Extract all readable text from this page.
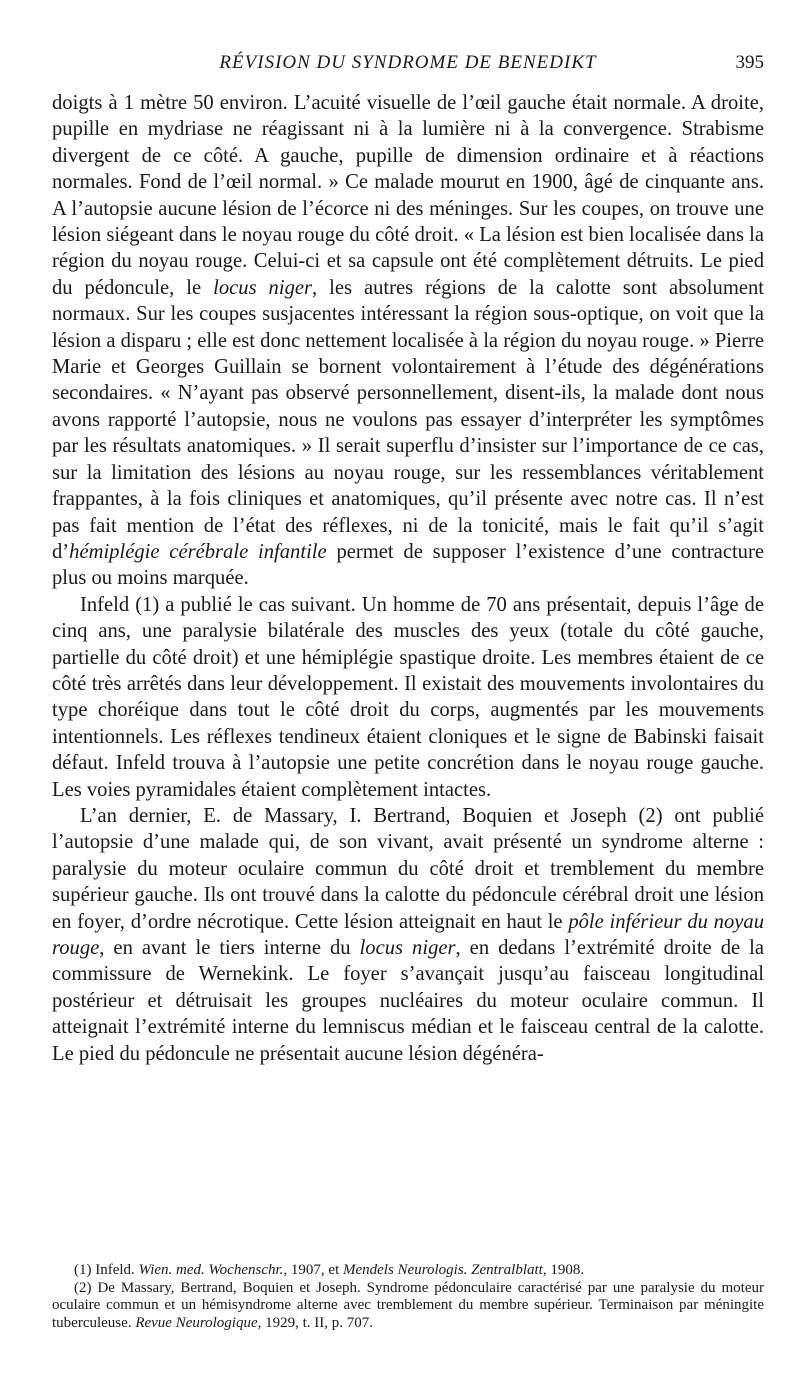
RÉVISION DU SYNDROME DE BENEDIKT	395

doigts à 1 mètre 50 environ. L’acuité visuelle de l’œil gauche était normale. A droite, pupille en mydriase ne réagissant ni à la lumière ni à la convergence. Strabisme divergent de ce côté. A gauche, pupille de dimension ordinaire et à réactions normales. Fond de l’œil normal. » Ce malade mourut en 1900, âgé de cinquante ans. A l’autopsie aucune lésion de l’écorce ni des méninges. Sur les coupes, on trouve une lésion siégeant dans le noyau rouge du côté droit. « La lésion est bien localisée dans la région du noyau rouge. Celui-ci et sa capsule ont été complètement détruits. Le pied du pédoncule, le locus niger, les autres régions de la calotte sont absolument normaux. Sur les coupes susjacentes intéressant la région sous-optique, on voit que la lésion a disparu ; elle est donc nettement localisée à la région du noyau rouge. » Pierre Marie et Georges Guillain se bornent volontairement à l’étude des dégénérations secondaires. « N’ayant pas observé personnellement, disent-ils, la malade dont nous avons rapporté l’autopsie, nous ne voulons pas essayer d’interpréter les symptômes par les résultats anatomiques. » Il serait superflu d’insister sur l’importance de ce cas, sur la limitation des lésions au noyau rouge, sur les ressemblances véritablement frappantes, à la fois cliniques et anatomiques, qu’il présente avec notre cas. Il n’est pas fait mention de l’état des réflexes, ni de la tonicité, mais le fait qu’il s’agit d’hémiplégie cérébrale infantile permet de supposer l’existence d’une contracture plus ou moins marquée.

Infeld (1) a publié le cas suivant. Un homme de 70 ans présentait, depuis l’âge de cinq ans, une paralysie bilatérale des muscles des yeux (totale du côté gauche, partielle du côté droit) et une hémiplégie spastique droite. Les membres étaient de ce côté très arrêtés dans leur développement. Il existait des mouvements involontaires du type choréique dans tout le côté droit du corps, augmentés par les mouvements intentionnels. Les réflexes tendineux étaient cloniques et le signe de Babinski faisait défaut. Infeld trouva à l’autopsie une petite concrétion dans le noyau rouge gauche. Les voies pyramidales étaient complètement intactes.

L’an dernier, E. de Massary, I. Bertrand, Boquien et Joseph (2) ont publié l’autopsie d’une malade qui, de son vivant, avait présenté un syndrome alterne : paralysie du moteur oculaire commun du côté droit et tremblement du membre supérieur gauche. Ils ont trouvé dans la calotte du pédoncule cérébral droit une lésion en foyer, d’ordre nécrotique. Cette lésion atteignait en haut le pôle inférieur du noyau rouge, en avant le tiers interne du locus niger, en dedans l’extrémité droite de la commissure de Wernekink. Le foyer s’avançait jusqu’au faisceau longitudinal postérieur et détruisait les groupes nucléaires du moteur oculaire commun. Il atteignait l’extrémité interne du lemniscus médian et le faisceau central de la calotte. Le pied du pédoncule ne présentait aucune lésion dégénéra-

(1) Infeld. Wien. med. Wochenschr., 1907, et Mendels Neurologis. Zentralblatt, 1908.

(2) De Massary, Bertrand, Boquien et Joseph. Syndrome pédonculaire caractérisé par une paralysie du moteur oculaire commun et un hémisyndrome alterne avec tremblement du membre supérieur. Terminaison par méningite tuberculeuse. Revue Neurologique, 1929, t. II, p. 707.
